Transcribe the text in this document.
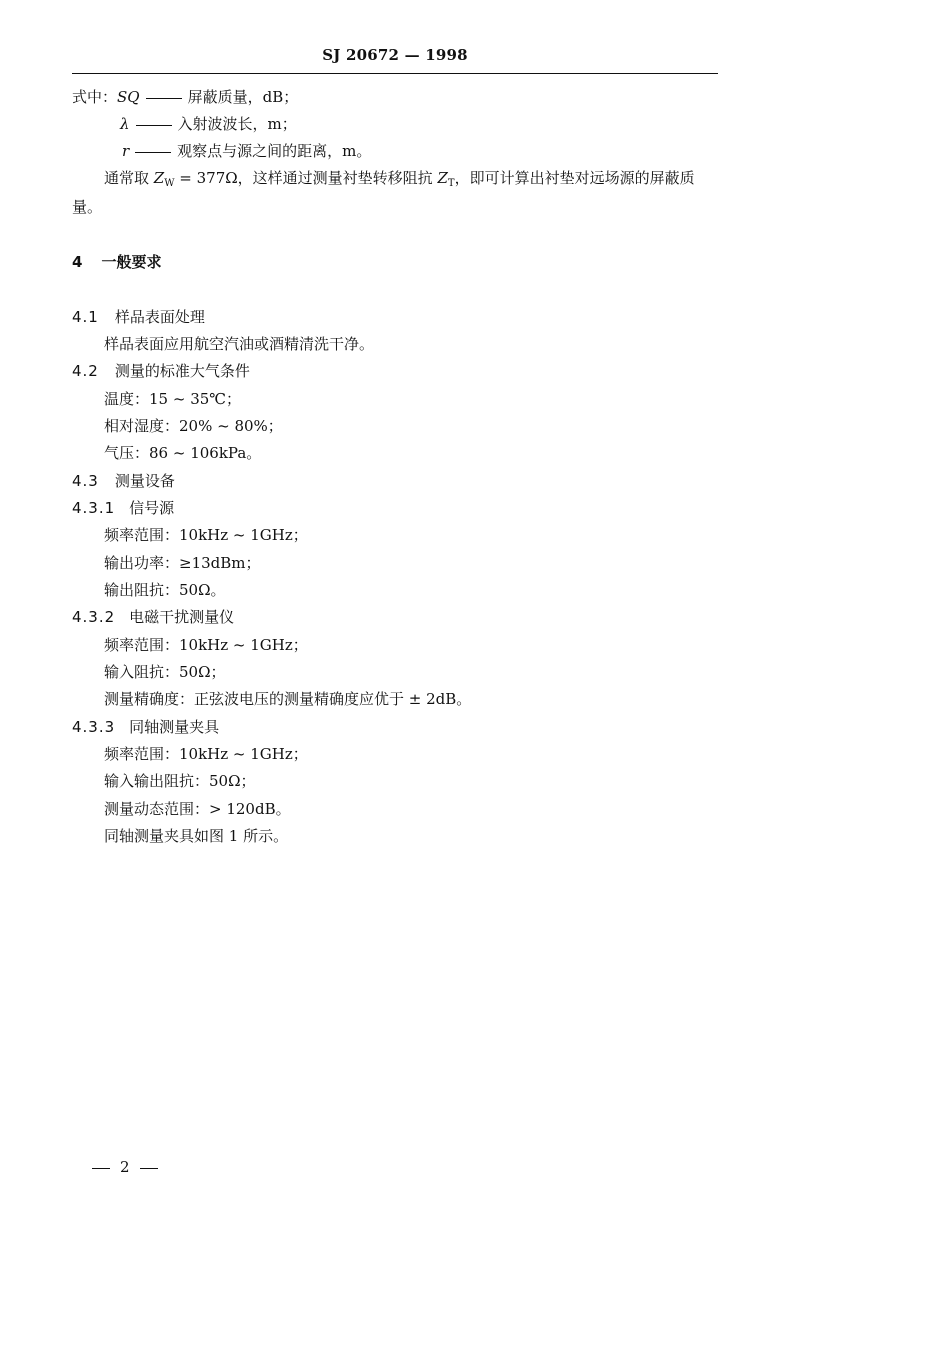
SJ 20672 — 1998
式中：SQ	屏蔽质量，dB；
λ	入射波波长，m；
r	观察点与源之间的距离，m。
通常取 $Z_W = 377\Omega$，这样通过测量衬垫转移阻抗 $Z_T$，即可计算出衬垫对远场源的屏蔽质
量。
4 一般要求
4.1 样品表面处理
样品表面应用航空汽油或酒精清洗干净。
4.2 测量的标准大气条件
温度：15 ~ 35℃；
相对湿度：20% ~ 80%；
气压：86 ~ 106kPa。
4.3 测量设备
4.3.1 信号源
频率范围：10kHz ~ 1GHz；
输出功率：≥13dBm；
输出阻抗：50Ω。
4.3.2 电磁干扰测量仪
频率范围：10kHz ~ 1GHz；
输入阻抗：50Ω；
测量精确度：正弦波电压的测量精确度应优于 ± 2dB。
4.3.3 同轴测量夹具
频率范围：10kHz ~ 1GHz；
输入输出阻抗：50Ω；
测量动态范围：> 120dB。
同轴测量夹具如图 1 所示。
2
